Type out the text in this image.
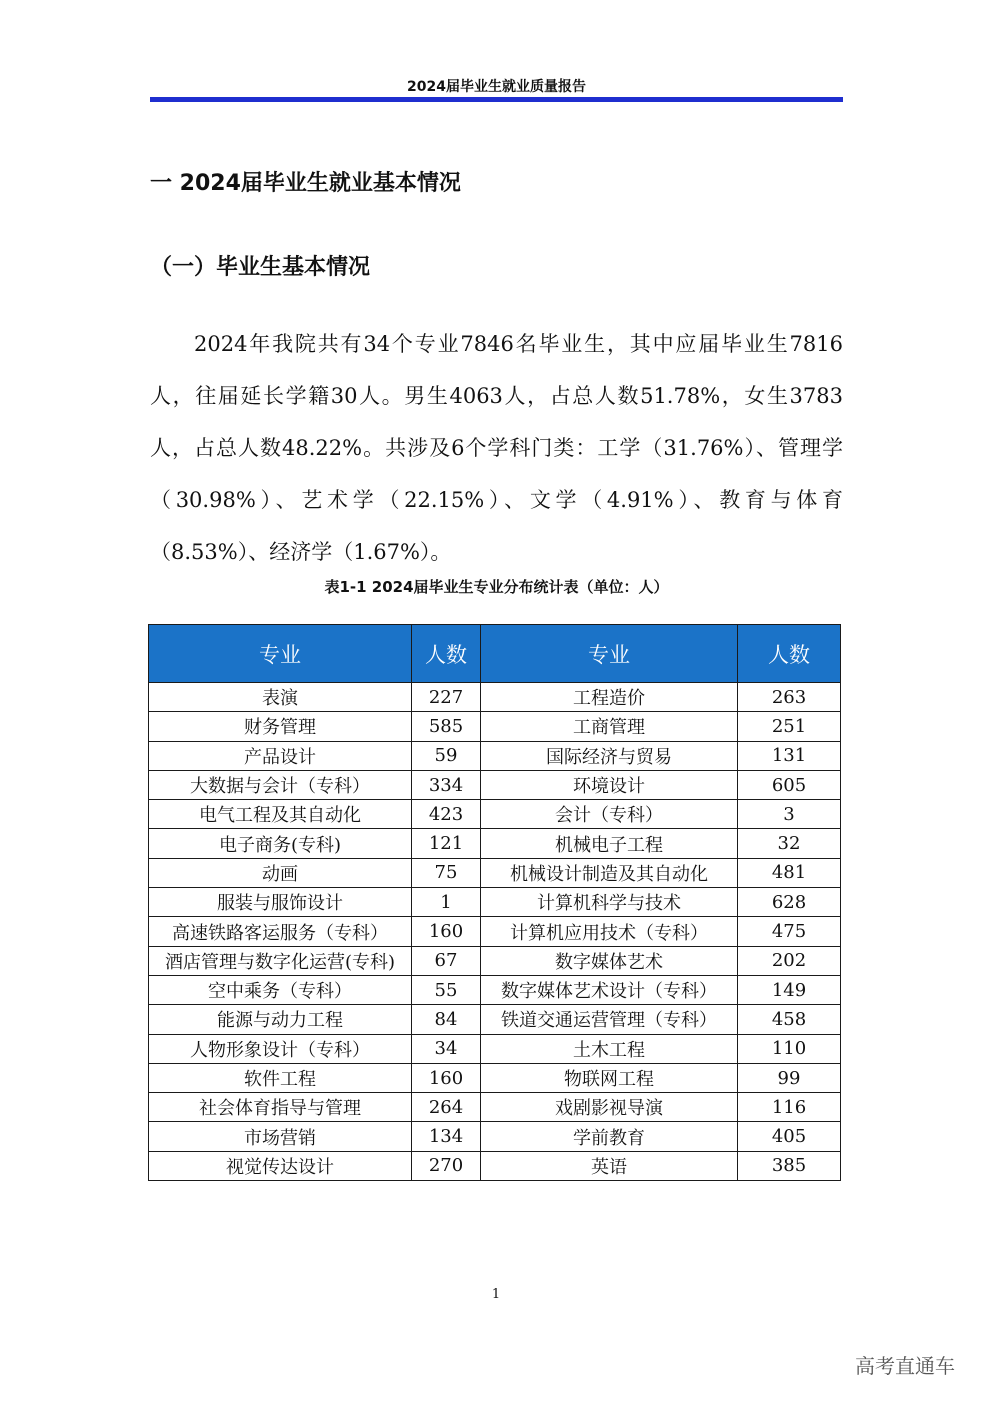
2024届毕业生就业质量报告
一 2024届毕业生就业基本情况
（一）毕业生基本情况

2024年我院共有34个专业7846名毕业生，其中应届毕业生7816人，往届延长学籍30人。男生4063人，占总人数51.78%，女生3783人，占总人数48.22%。共涉及6个学科门类：工学（31.76%）、管理学（30.98%）、艺术学（22.15%）、文学（4.91%）、教育与体育（8.53%）、经济学（1.67%）。

表1-1 2024届毕业生专业分布统计表（单位：人）
专业	人数	专业	人数
表演	227	工程造价	263
财务管理	585	工商管理	251
产品设计	59	国际经济与贸易	131
大数据与会计（专科）	334	环境设计	605
电气工程及其自动化	423	会计（专科）	3
电子商务(专科)	121	机械电子工程	32
动画	75	机械设计制造及其自动化	481
服装与服饰设计	1	计算机科学与技术	628
高速铁路客运服务（专科）	160	计算机应用技术（专科）	475
酒店管理与数字化运营(专科)	67	数字媒体艺术	202
空中乘务（专科）	55	数字媒体艺术设计（专科）	149
能源与动力工程	84	铁道交通运营管理（专科）	458
人物形象设计（专科）	34	土木工程	110
软件工程	160	物联网工程	99
社会体育指导与管理	264	戏剧影视导演	116
市场营销	134	学前教育	405
视觉传达设计	270	英语	385
1
高考直通车
